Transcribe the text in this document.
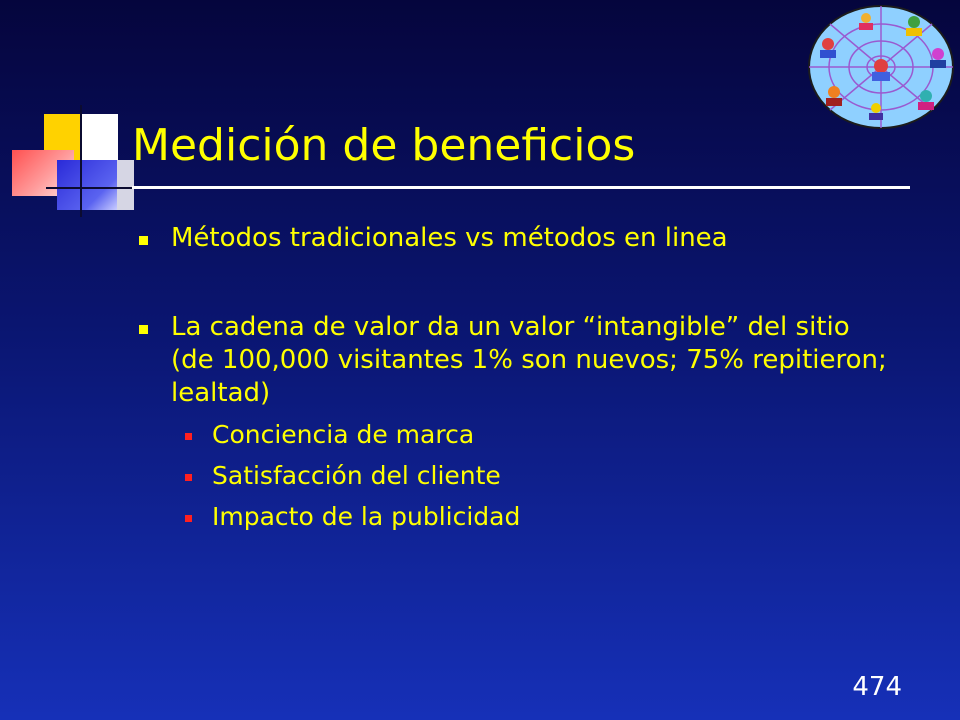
Medición de beneficios
Métodos tradicionales vs métodos en linea
La cadena de valor da un valor “intangible” del sitio (de 100,000 visitantes 1% son nuevos; 75% repitieron; lealtad)
Conciencia de marca
Satisfacción del cliente
Impacto de la publicidad
474
